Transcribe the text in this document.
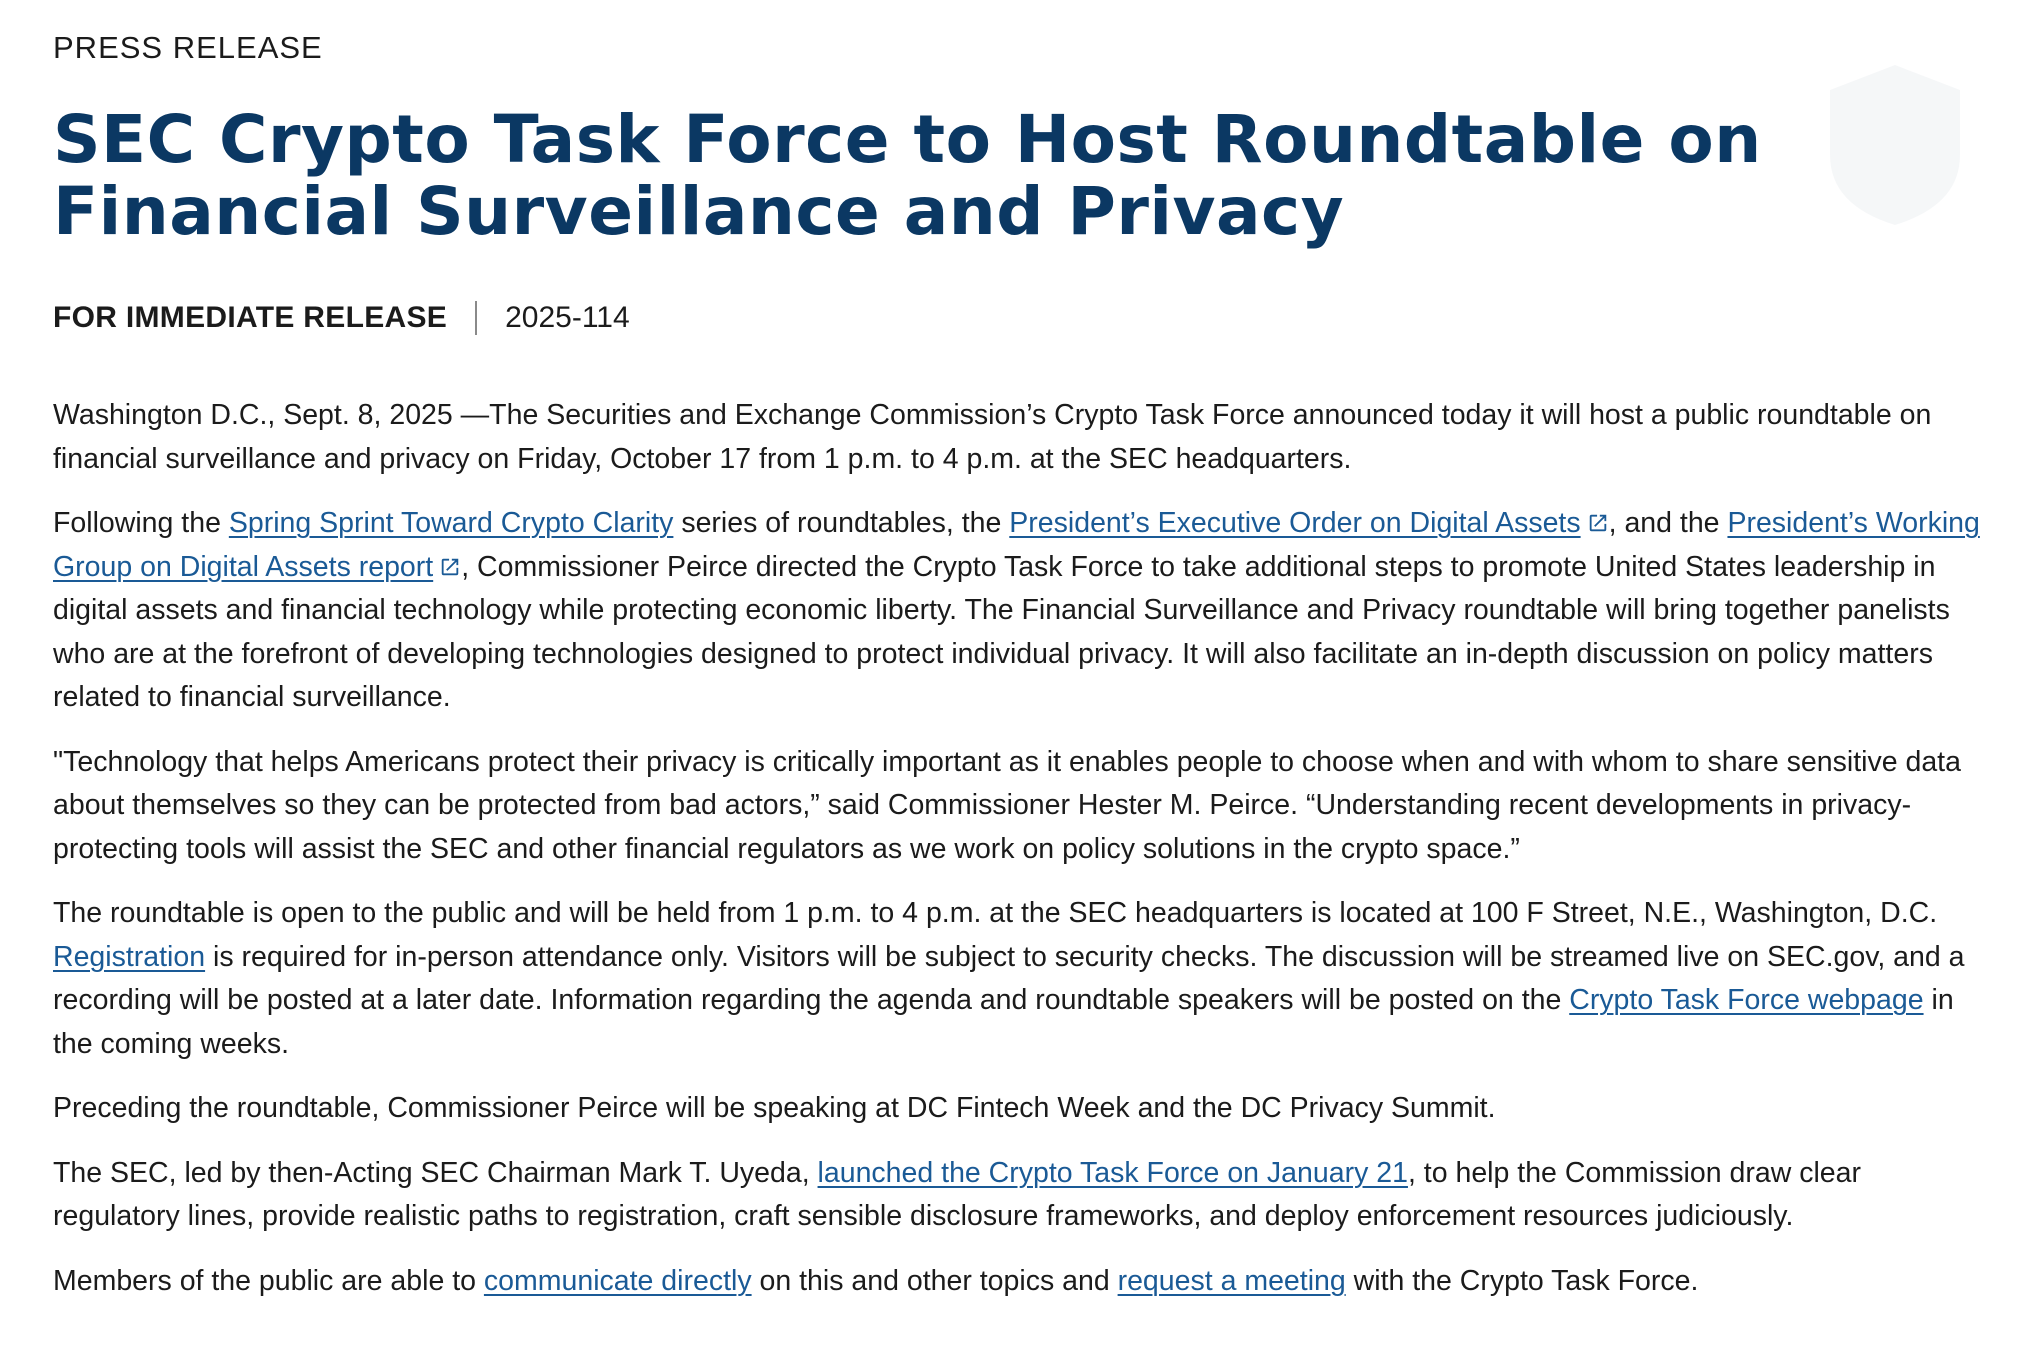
PRESS RELEASE

SEC Crypto Task Force to Host Roundtable on Financial Surveillance and Privacy
FOR IMMEDIATE RELEASE 2025-114

Washington D.C., Sept. 8, 2025 —The Securities and Exchange Commission’s Crypto Task Force announced today it will host a public roundtable on financial surveillance and privacy on Friday, October 17 from 1 p.m. to 4 p.m. at the SEC headquarters.

Following the Spring Sprint Toward Crypto Clarity series of roundtables, the President’s Executive Order on Digital Assets , and the President’s Working Group on Digital Assets report , Commissioner Peirce directed the Crypto Task Force to take additional steps to promote United States leadership in digital assets and financial technology while protecting economic liberty. The Financial Surveillance and Privacy roundtable will bring together panelists who are at the forefront of developing technologies designed to protect individual privacy. It will also facilitate an in-depth discussion on policy matters related to financial surveillance.

"Technology that helps Americans protect their privacy is critically important as it enables people to choose when and with whom to share sensitive data about themselves so they can be protected from bad actors,” said Commissioner Hester M. Peirce. “Understanding recent developments in privacy-protecting tools will assist the SEC and other financial regulators as we work on policy solutions in the crypto space.”

The roundtable is open to the public and will be held from 1 p.m. to 4 p.m. at the SEC headquarters is located at 100 F Street, N.E., Washington, D.C. Registration is required for in-person attendance only. Visitors will be subject to security checks. The discussion will be streamed live on SEC.gov, and a recording will be posted at a later date. Information regarding the agenda and roundtable speakers will be posted on the Crypto Task Force webpage in the coming weeks.

Preceding the roundtable, Commissioner Peirce will be speaking at DC Fintech Week and the DC Privacy Summit.

The SEC, led by then-Acting SEC Chairman Mark T. Uyeda, launched the Crypto Task Force on January 21, to help the Commission draw clear regulatory lines, provide realistic paths to registration, craft sensible disclosure frameworks, and deploy enforcement resources judiciously.

Members of the public are able to communicate directly on this and other topics and request a meeting with the Crypto Task Force.
